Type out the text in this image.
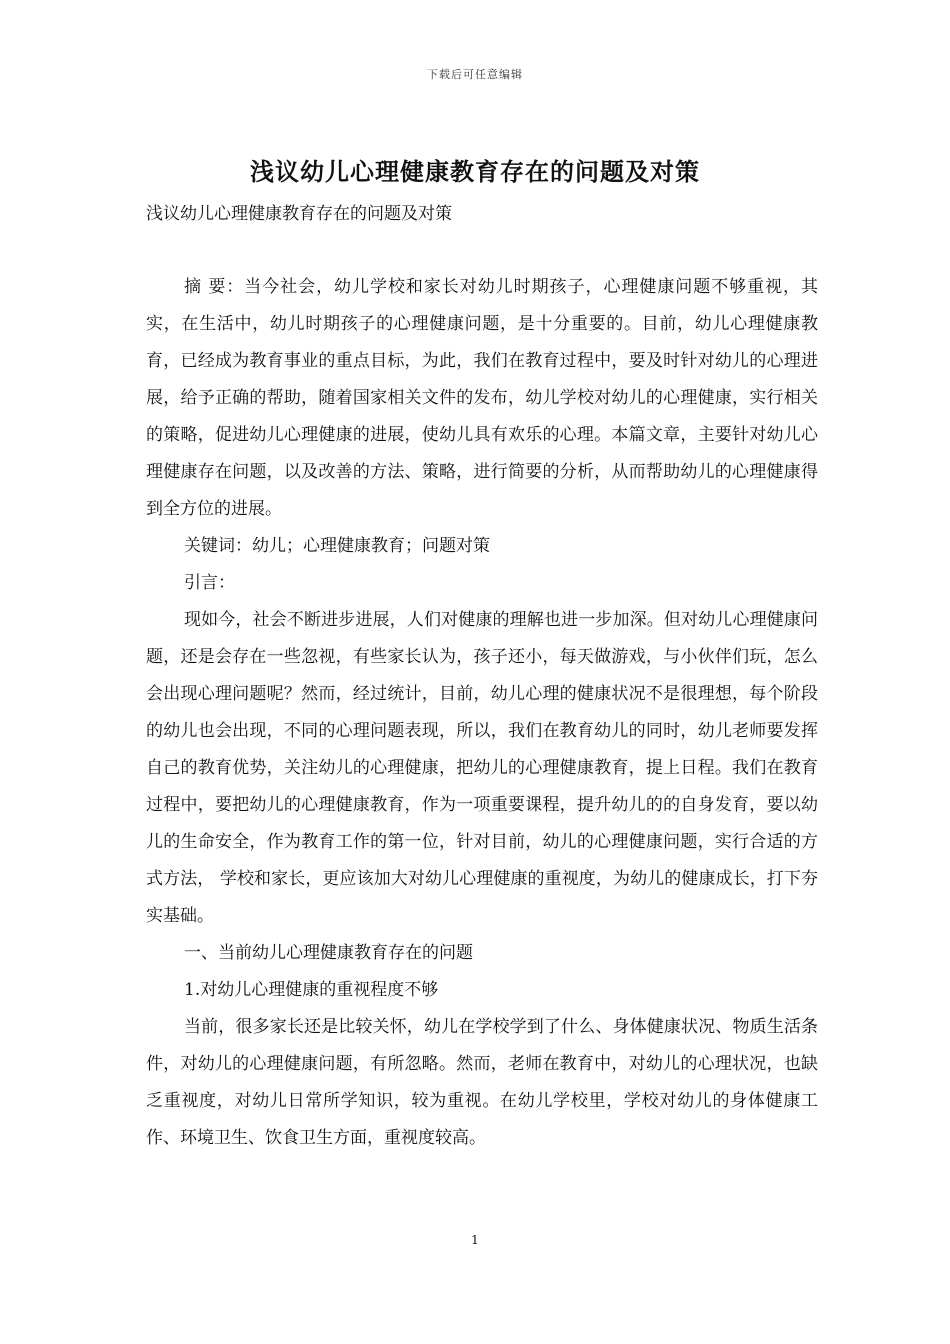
下载后可任意编辑
浅议幼儿心理健康教育存在的问题及对策

浅议幼儿心理健康教育存在的问题及对策

摘 要：当今社会，幼儿学校和家长对幼儿时期孩子，心理健康问题不够重视，其实，在生活中，幼儿时期孩子的心理健康问题，是十分重要的。目前，幼儿心理健康教育，已经成为教育事业的重点目标，为此，我们在教育过程中，要及时针对幼儿的心理进展，给予正确的帮助，随着国家相关文件的发布，幼儿学校对幼儿的心理健康，实行相关的策略，促进幼儿心理健康的进展，使幼儿具有欢乐的心理。本篇文章，主要针对幼儿心理健康存在问题，以及改善的方法、策略，进行简要的分析，从而帮助幼儿的心理健康得到全方位的进展。

关键词：幼儿；心理健康教育；问题对策

引言：

现如今，社会不断进步进展，人们对健康的理解也进一步加深。但对幼儿心理健康问题，还是会存在一些忽视，有些家长认为，孩子还小，每天做游戏，与小伙伴们玩，怎么会出现心理问题呢？然而，经过统计，目前，幼儿心理的健康状况不是很理想，每个阶段的幼儿也会出现，不同的心理问题表现，所以，我们在教育幼儿的同时，幼儿老师要发挥自己的教育优势，关注幼儿的心理健康，把幼儿的心理健康教育，提上日程。我们在教育过程中，要把幼儿的心理健康教育，作为一项重要课程，提升幼儿的的自身发育，要以幼儿的生命安全，作为教育工作的第一位，针对目前，幼儿的心理健康问题，实行合适的方式方法， 学校和家长，更应该加大对幼儿心理健康的重视度，为幼儿的健康成长，打下夯实基础。

一、当前幼儿心理健康教育存在的问题

1.对幼儿心理健康的重视程度不够

当前，很多家长还是比较关怀，幼儿在学校学到了什么、身体健康状况、物质生活条件，对幼儿的心理健康问题，有所忽略。然而，老师在教育中，对幼儿的心理状况，也缺乏重视度，对幼儿日常所学知识，较为重视。在幼儿学校里，学校对幼儿的身体健康工作、环境卫生、饮食卫生方面，重视度较高。

1
